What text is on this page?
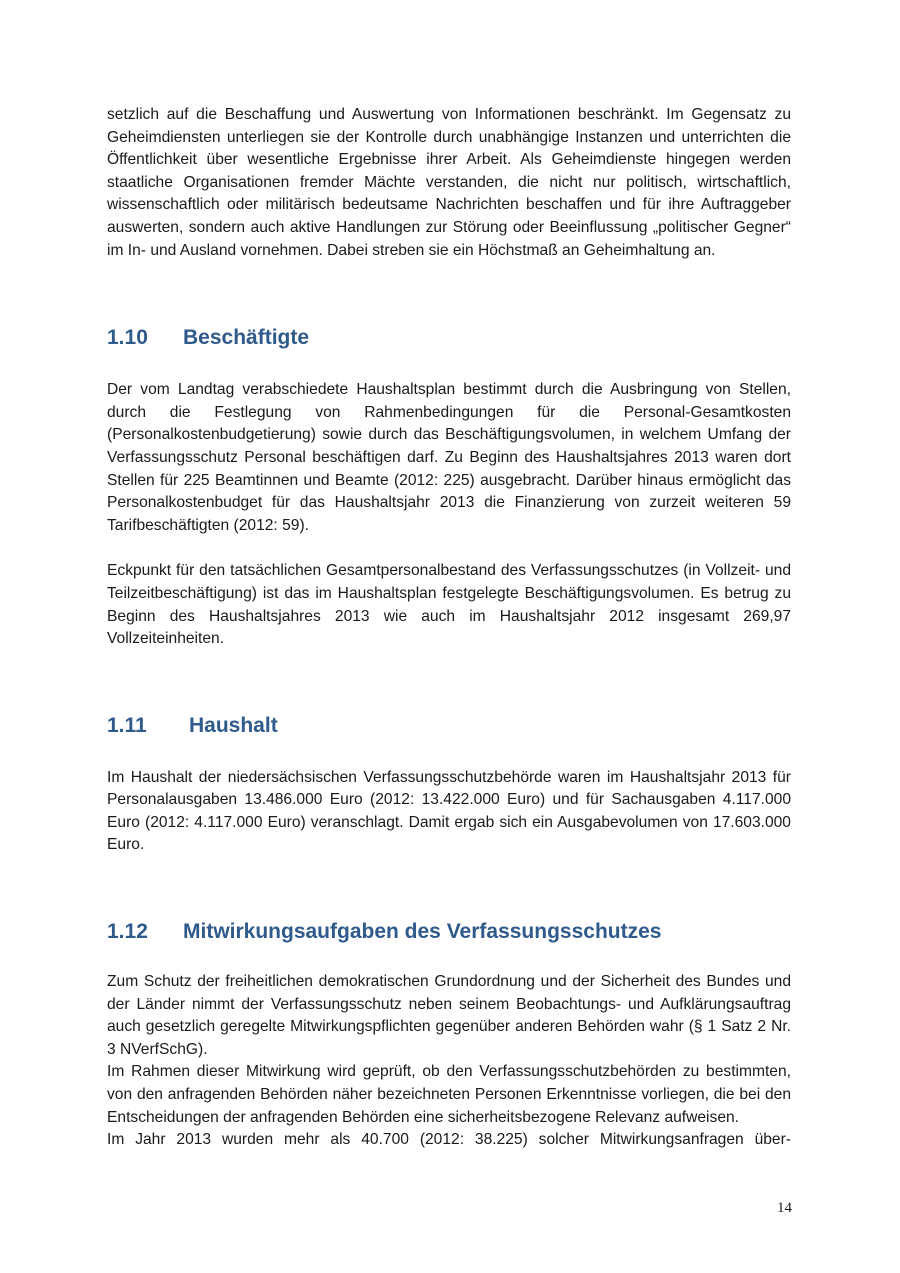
setzlich auf die Beschaffung und Auswertung von Informationen beschränkt. Im Gegensatz zu Geheimdiensten unterliegen sie der Kontrolle durch unabhängige Instanzen und unterrichten die Öffentlichkeit über wesentliche Ergebnisse ihrer Arbeit. Als Geheimdienste hingegen werden staatliche Organisationen fremder Mächte verstanden, die nicht nur politisch, wirtschaftlich, wissenschaftlich oder militärisch bedeutsame Nachrichten beschaffen und für ihre Auftraggeber auswerten, sondern auch aktive Handlungen zur Störung oder Beeinflussung „politischer Gegner“ im In- und Ausland vornehmen. Dabei streben sie ein Höchstmaß an Geheimhaltung an.

1.10	Beschäftigte

Der vom Landtag verabschiedete Haushaltsplan bestimmt durch die Ausbringung von Stellen, durch die Festlegung von Rahmenbedingungen für die Personal-Gesamtkosten (Personalkostenbudgetierung) sowie durch das Beschäftigungsvolumen, in welchem Umfang der Verfassungsschutz Personal beschäftigen darf. Zu Beginn des Haushaltsjahres 2013 waren dort Stellen für 225 Beamtinnen und Beamte (2012: 225) ausgebracht. Darüber hinaus ermöglicht das Personalkostenbudget für das Haushaltsjahr 2013 die Finanzierung von zurzeit weiteren 59 Tarifbeschäftigten (2012: 59).

Eckpunkt für den tatsächlichen Gesamtpersonalbestand des Verfassungsschutzes (in Vollzeit- und Teilzeitbeschäftigung) ist das im Haushaltsplan festgelegte Beschäftigungsvolumen. Es betrug zu Beginn des Haushaltsjahres 2013 wie auch im Haushaltsjahr 2012 insgesamt 269,97 Vollzeiteinheiten.

1.11	Haushalt

Im Haushalt der niedersächsischen Verfassungsschutzbehörde waren im Haushaltsjahr 2013 für Personalausgaben 13.486.000 Euro (2012: 13.422.000 Euro) und für Sachausgaben 4.117.000 Euro (2012: 4.117.000 Euro) veranschlagt. Damit ergab sich ein Ausgabevolumen von 17.603.000 Euro.

1.12	Mitwirkungsaufgaben des Verfassungsschutzes

Zum Schutz der freiheitlichen demokratischen Grundordnung und der Sicherheit des Bundes und der Länder nimmt der Verfassungsschutz neben seinem Beobachtungs- und Aufklärungsauftrag auch gesetzlich geregelte Mitwirkungspflichten gegenüber anderen Behörden wahr (§ 1 Satz 2 Nr. 3 NVerfSchG).

Im Rahmen dieser Mitwirkung wird geprüft, ob den Verfassungsschutzbehörden zu bestimmten, von den anfragenden Behörden näher bezeichneten Personen Erkenntnisse vorliegen, die bei den Entscheidungen der anfragenden Behörden eine sicherheitsbezogene Relevanz aufweisen.

Im Jahr 2013 wurden mehr als 40.700 (2012: 38.225) solcher Mitwirkungsanfragen über-

14
